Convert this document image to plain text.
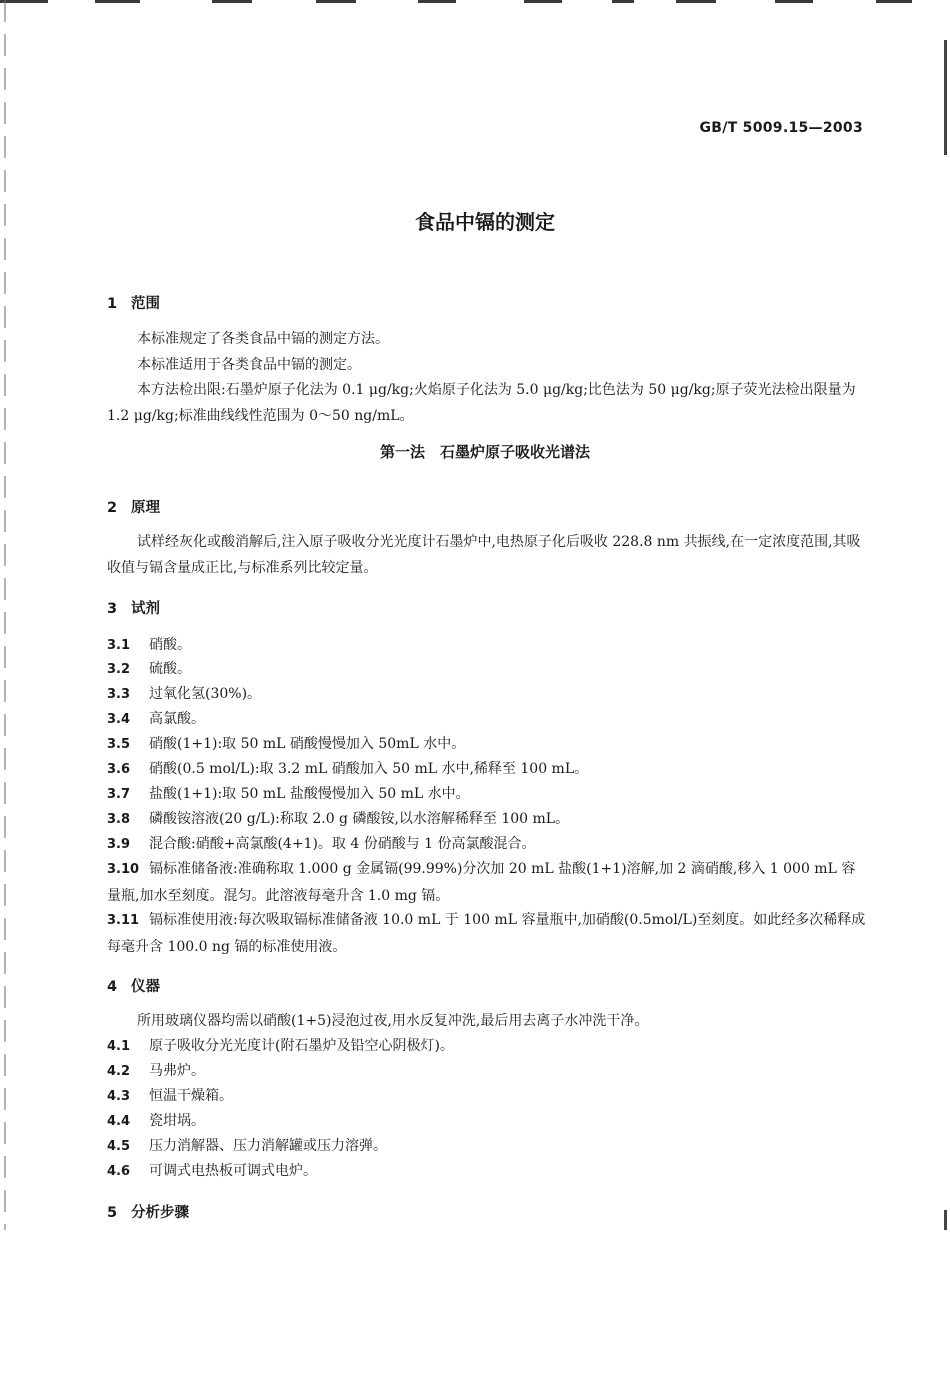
GB/T 5009.15—2003
食品中镉的测定
1 范围
本标准规定了各类食品中镉的测定方法。
本标准适用于各类食品中镉的测定。
本方法检出限:石墨炉原子化法为 0.1 μg/kg;火焰原子化法为 5.0 μg/kg;比色法为 50 μg/kg;原子荧光法检出限量为 1.2 μg/kg;标准曲线线性范围为 0～50 ng/mL。
第一法　石墨炉原子吸收光谱法
2 原理
试样经灰化或酸消解后,注入原子吸收分光光度计石墨炉中,电热原子化后吸收 228.8 nm 共振线,在一定浓度范围,其吸收值与镉含量成正比,与标准系列比较定量。
3 试剂
3.1 硝酸。
3.2 硫酸。
3.3 过氧化氢(30%)。
3.4 高氯酸。
3.5 硝酸(1+1):取 50 mL 硝酸慢慢加入 50mL 水中。
3.6 硝酸(0.5 mol/L):取 3.2 mL 硝酸加入 50 mL 水中,稀释至 100 mL。
3.7 盐酸(1+1):取 50 mL 盐酸慢慢加入 50 mL 水中。
3.8 磷酸铵溶液(20 g/L):称取 2.0 g 磷酸铵,以水溶解稀释至 100 mL。
3.9 混合酸:硝酸+高氯酸(4+1)。取 4 份硝酸与 1 份高氯酸混合。
3.10 镉标准储备液:准确称取 1.000 g 金属镉(99.99%)分次加 20 mL 盐酸(1+1)溶解,加 2 滴硝酸,移入 1 000 mL 容量瓶,加水至刻度。混匀。此溶液每毫升含 1.0 mg 镉。
3.11 镉标准使用液:每次吸取镉标准储备液 10.0 mL 于 100 mL 容量瓶中,加硝酸(0.5mol/L)至刻度。如此经多次稀释成每毫升含 100.0 ng 镉的标准使用液。
4 仪器
所用玻璃仪器均需以硝酸(1+5)浸泡过夜,用水反复冲洗,最后用去离子水冲洗干净。
4.1 原子吸收分光光度计(附石墨炉及铅空心阴极灯)。
4.2 马弗炉。
4.3 恒温干燥箱。
4.4 瓷坩埚。
4.5 压力消解器、压力消解罐或压力溶弹。
4.6 可调式电热板可调式电炉。
5 分析步骤
